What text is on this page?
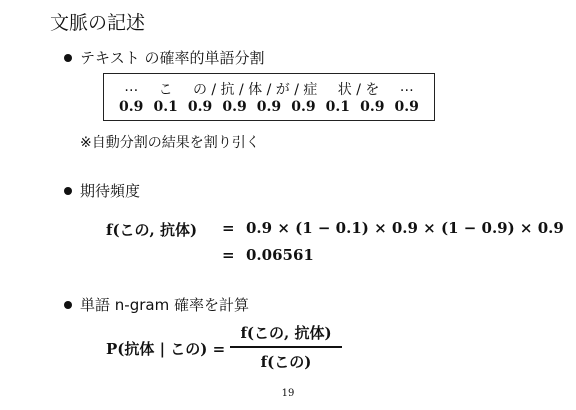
文脈の記述
テキスト の確率的単語分割
… こ の / 抗 / 体 / が / 症 状 / を …
0.9 0.1 0.9 0.9 0.9 0.9 0.1 0.9 0.9
※自動分割の結果を割り引く
期待頻度
f(この, 抗体) = 0.9 × (1 − 0.1) × 0.9 × (1 − 0.9) × 0.9
= 0.06561
単語 n-gram 確率を計算
P(抗体 | この) =
f(この, 抗体)
f(この)
19
